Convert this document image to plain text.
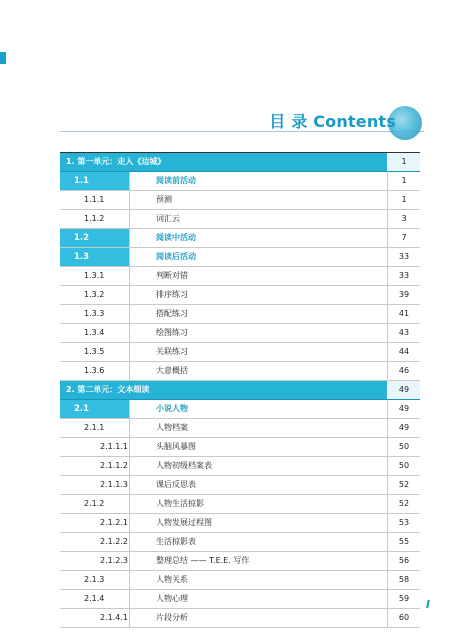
目 录 Contents
1. 第一单元：走入《边城》	1
1.1	阅读前活动	1
1.1.1	预测	1
1.1.2	词汇云	3
1.2	阅读中活动	7
1.3	阅读后活动	33
1.3.1	判断对错	33
1.3.2	排序练习	39
1.3.3	搭配练习	41
1.3.4	绘图练习	43
1.3.5	关联练习	44
1.3.6	大意概括	46
2. 第二单元：文本细读	49
2.1	小说人物	49
2.1.1	人物档案	49
2.1.1.1	头脑风暴图	50
2.1.1.2	人物初级档案表	50
2.1.1.3	课后反思表	52
2.1.2	人物生活掠影	52
2.1.2.1	人物发展过程图	53
2.1.2.2	生活掠影表	55
2.1.2.3	整理总结 —— T.E.E. 写作	56
2.1.3	人物关系	58
2.1.4	人物心理	59
2.1.4.1	片段分析	60
I
